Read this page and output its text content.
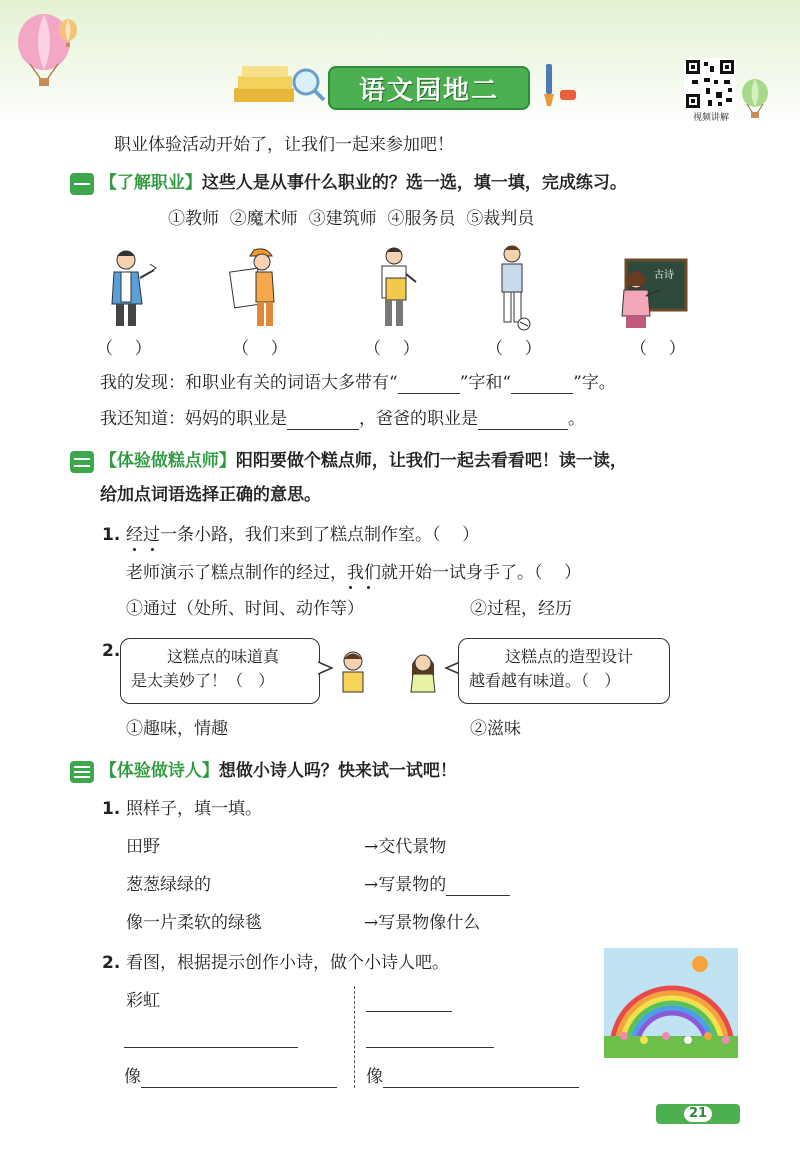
语文园地二
视频讲解
职业体验活动开始了，让我们一起来参加吧！
【了解职业】这些人是从事什么职业的？选一选，填一填，完成练习。
①教师  ②魔术师  ③建筑师  ④服务员  ⑤裁判员
古诗
（    ）	（    ）	（    ）	（    ）	（    ）
我的发现：和职业有关的词语大多带有“	”字和“	”字。
我还知道：妈妈的职业是	，爸爸的职业是	。
【体验做糕点师】阳阳要做个糕点师，让我们一起去看看吧！读一读，
给加点词语选择正确的意思。
1. 经过一条小路，我们来到了糕点制作室。（    ）
老师演示了糕点制作的经过，我们就开始一试身手了。（    ）
①通过（处所、时间、动作等）	②过程，经历
2.	这糕点的味道真
是太美妙了！（   ）
这糕点的造型设计
越看越有味道。（   ）
①趣味，情趣	②滋味
【体验做诗人】想做小诗人吗？快来试一试吧！
1. 照样子，填一填。
田野	→交代景物
葱葱绿绿的	→写景物的
像一片柔软的绿毯	→写景物像什么
2. 看图，根据提示创作小诗，做个小诗人吧。
彩虹
像	像
21
